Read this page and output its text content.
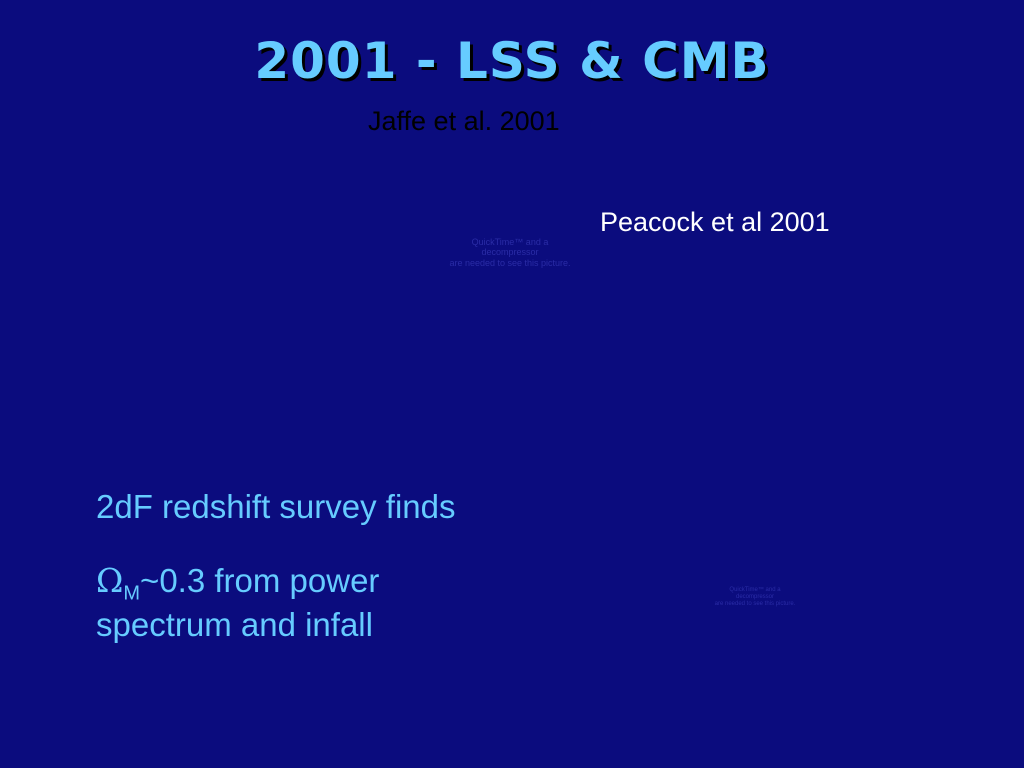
2001 - LSS & CMB
Jaffe et al. 2001
Peacock et al 2001
QuickTime™ and a
decompressor
are needed to see this picture.
QuickTime™ and a
decompressor
are needed to see this picture.
2dF redshift survey finds
$\Omega_M\sim 0.3$ from power
spectrum and infall
